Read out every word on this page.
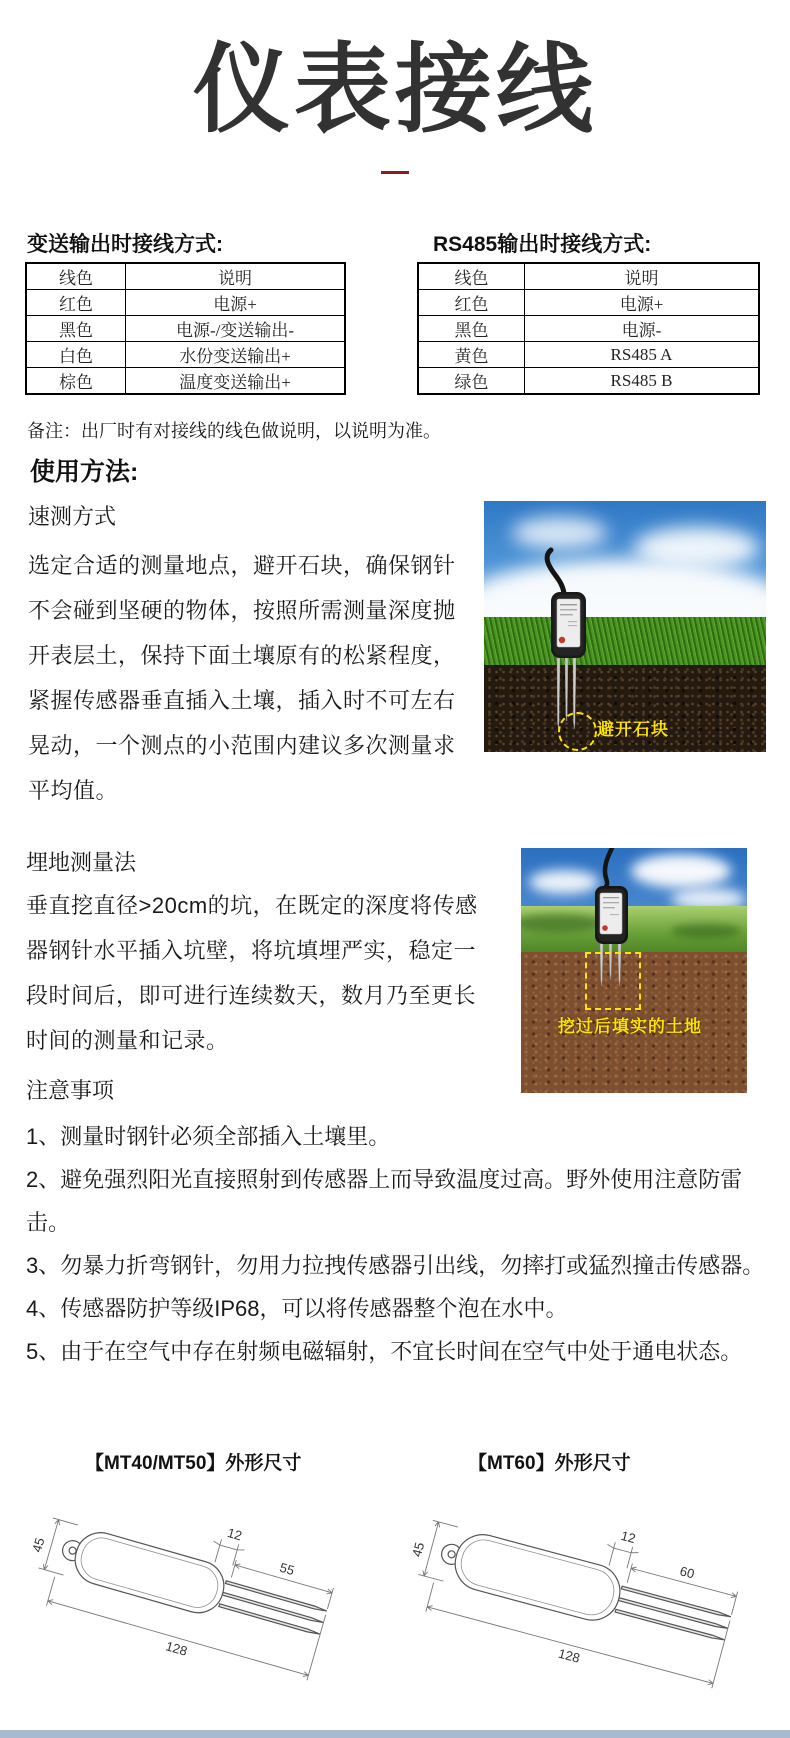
仪表接线
变送输出时接线方式:	RS485输出时接线方式:
线色	说明
红色	电源+
黑色	电源-/变送输出-
白色	水份变送输出+
棕色	温度变送输出+
线色	说明
红色	电源+
黑色	电源-
黄色	RS485 A
绿色	RS485 B
备注：出厂时有对接线的线色做说明，以说明为准。
使用方法:
速测方式
选定合适的测量地点，避开石块，确保钢针不会碰到坚硬的物体，按照所需测量深度抛开表层土，保持下面土壤原有的松紧程度，紧握传感器垂直插入土壤，插入时不可左右晃动，一个测点的小范围内建议多次测量求平均值。
避开石块
埋地测量法
垂直挖直径>20cm的坑，在既定的深度将传感器钢针水平插入坑壁，将坑填埋严实，稳定一段时间后，即可进行连续数天，数月乃至更长时间的测量和记录。
挖过后填实的土地
注意事项
1、测量时钢针必须全部插入土壤里。
2、避免强烈阳光直接照射到传感器上而导致温度过高。野外使用注意防雷击。
3、勿暴力折弯钢针，勿用力拉拽传感器引出线，勿摔打或猛烈撞击传感器。
4、传感器防护等级IP68，可以将传感器整个泡在水中。
5、由于在空气中存在射频电磁辐射，不宜长时间在空气中处于通电状态。
【MT40/MT50】外形尺寸	【MT60】外形尺寸
45
12
55
128
45
12
60
128
